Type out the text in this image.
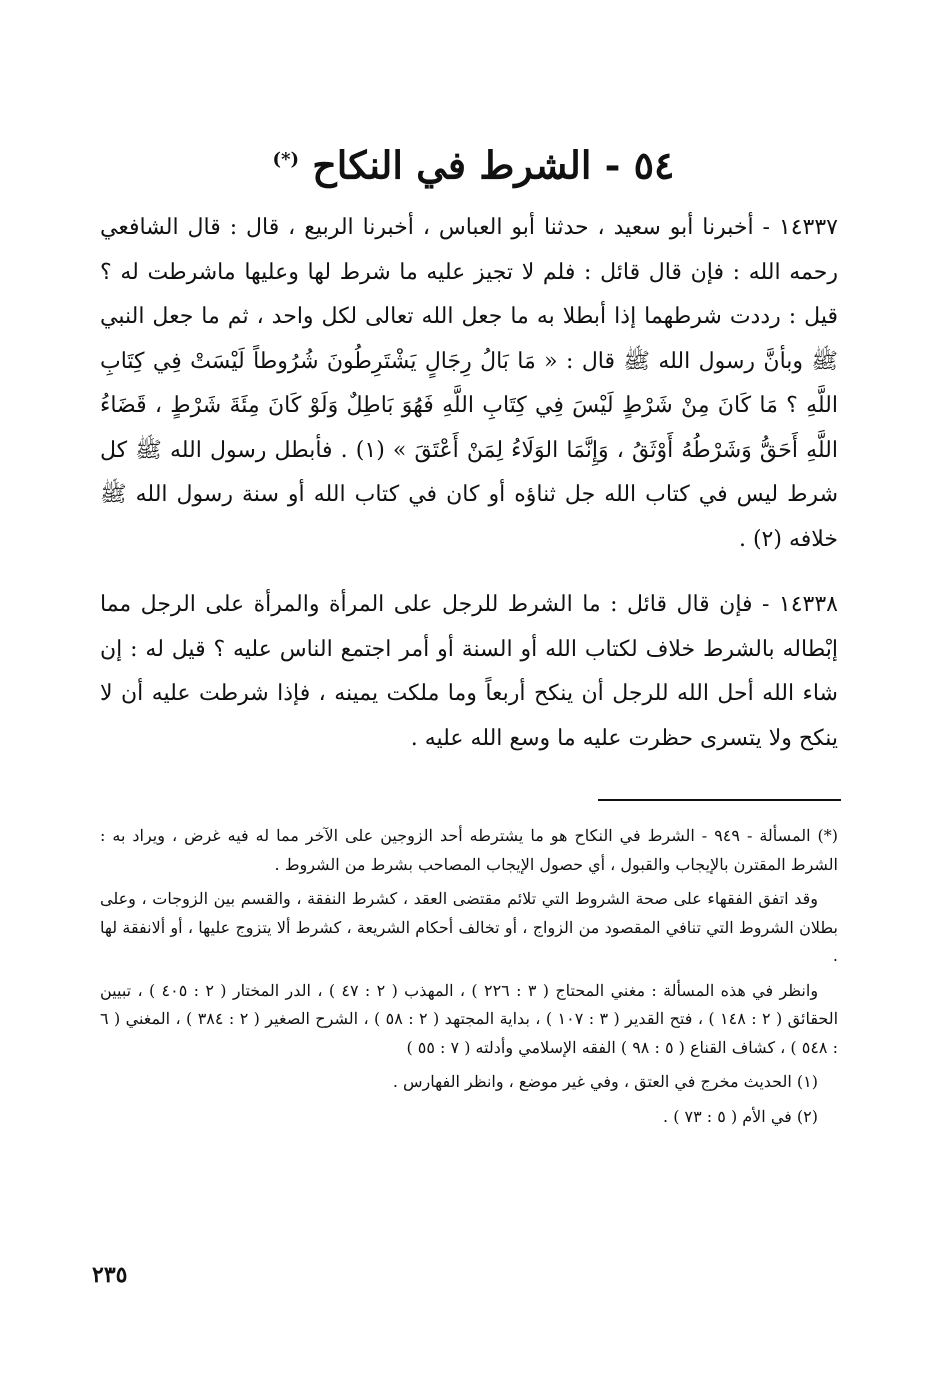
٥٤ - الشرط في النكاح (*)

١٤٣٣٧ - أخبرنا أبو سعيد ، حدثنا أبو العباس ، أخبرنا الربيع ، قال : قال الشافعي رحمه الله : فإن قال قائل : فلم لا تجيز عليه ما شرط لها وعليها ماشرطت له ؟ قيل : رددت شرطهما إذا أبطلا به ما جعل الله تعالى لكل واحد ، ثم ما جعل النبي ﷺ وبأنَّ رسول الله ﷺ قال : « مَا بَالُ رِجَالٍ يَشْتَرِطُونَ شُرُوطاً لَيْسَتْ فِي كِتَابِ اللَّهِ ؟ مَا كَانَ مِنْ شَرْطٍ لَيْسَ فِي كِتَابِ اللَّهِ فَهُوَ بَاطِلٌ وَلَوْ كَانَ مِئَةَ شَرْطٍ ، قَضَاءُ اللَّهِ أَحَقُّ وَشَرْطُهُ أَوْثَقُ ، وَإِنَّمَا الوَلَاءُ لِمَنْ أَعْتَقَ » (١) . فأبطل رسول الله ﷺ كل شرط ليس في كتاب الله جل ثناؤه أو كان في كتاب الله أو سنة رسول الله ﷺ خلافه (٢) .

١٤٣٣٨ - فإن قال قائل : ما الشرط للرجل على المرأة والمرأة على الرجل مما إبْطاله بالشرط خلاف لكتاب الله أو السنة أو أمر اجتمع الناس عليه ؟ قيل له : إن شاء الله أحل الله للرجل أن ينكح أربعاً وما ملكت يمينه ، فإذا شرطت عليه أن لا ينكح ولا يتسرى حظرت عليه ما وسع الله عليه .

(*) المسألة - ٩٤٩ - الشرط في النكاح هو ما يشترطه أحد الزوجين على الآخر مما له فيه غرض ، ويراد به : الشرط المقترن بالإيجاب والقبول ، أي حصول الإيجاب المصاحب بشرط من الشروط .

وقد اتفق الفقهاء على صحة الشروط التي تلائم مقتضى العقد ، كشرط النفقة ، والقسم بين الزوجات ، وعلى بطلان الشروط التي تنافي المقصود من الزواج ، أو تخالف أحكام الشريعة ، كشرط ألا يتزوج عليها ، أو ألانفقة لها .

وانظر في هذه المسألة : مغني المحتاج ( ٣ : ٢٢٦ ) ، المهذب ( ٢ : ٤٧ ) ، الدر المختار ( ٢ : ٤٠٥ ) ، تبيين الحقائق ( ٢ : ١٤٨ ) ، فتح القدير ( ٣ : ١٠٧ ) ، بداية المجتهد ( ٢ : ٥٨ ) ، الشرح الصغير ( ٢ : ٣٨٤ ) ، المغني ( ٦ : ٥٤٨ ) ، كشاف القناع ( ٥ : ٩٨ ) الفقه الإسلامي وأدلته ( ٧ : ٥٥ )

(١) الحديث مخرج في العتق ، وفي غير موضع ، وانظر الفهارس .

(٢) في الأم ( ٥ : ٧٣ ) .

٢٣٥
